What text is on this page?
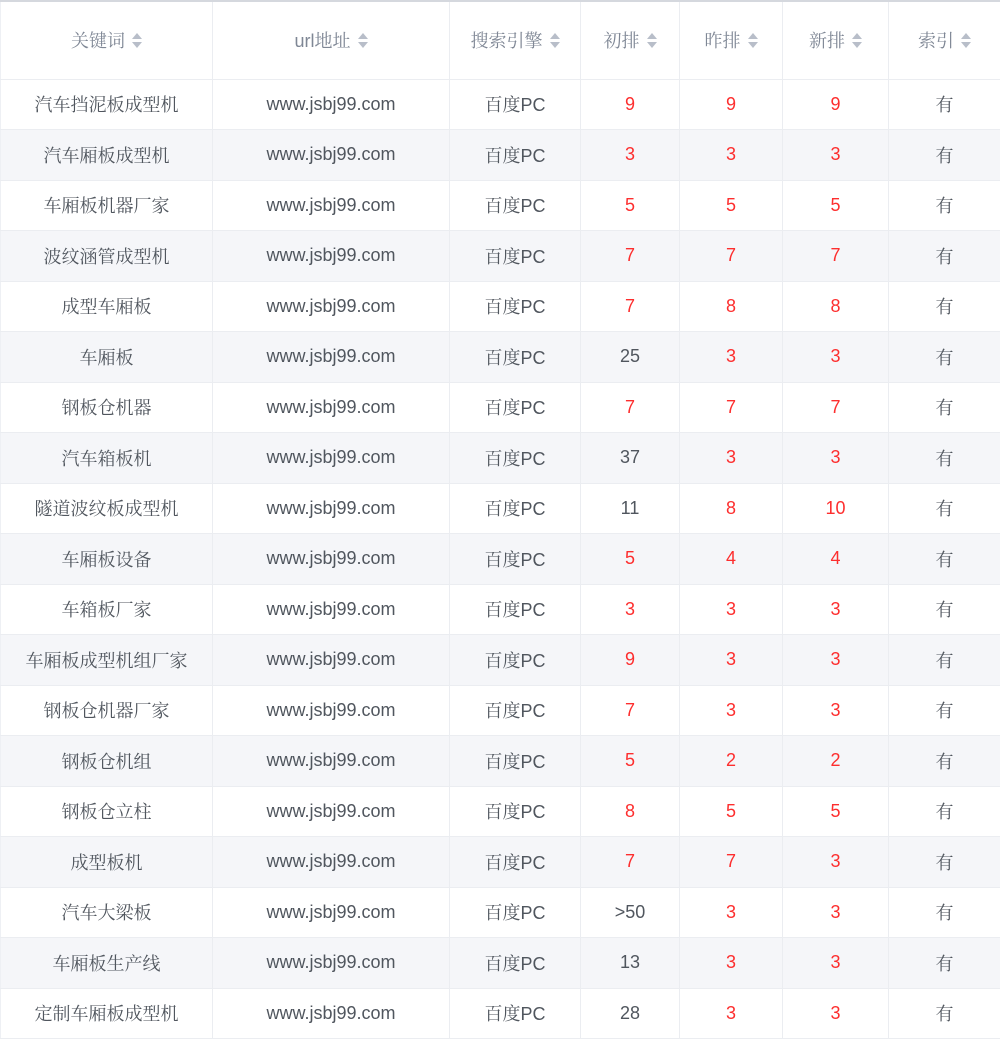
关键词	url地址	搜索引擎	初排	昨排	新排	索引

汽车挡泥板成型机	www.jsbj99.com	百度PC	9	9	9	有
汽车厢板成型机	www.jsbj99.com	百度PC	3	3	3	有
车厢板机器厂家	www.jsbj99.com	百度PC	5	5	5	有
波纹涵管成型机	www.jsbj99.com	百度PC	7	7	7	有
成型车厢板	www.jsbj99.com	百度PC	7	8	8	有
车厢板	www.jsbj99.com	百度PC	25	3	3	有
钢板仓机器	www.jsbj99.com	百度PC	7	7	7	有
汽车箱板机	www.jsbj99.com	百度PC	37	3	3	有
隧道波纹板成型机	www.jsbj99.com	百度PC	11	8	10	有
车厢板设备	www.jsbj99.com	百度PC	5	4	4	有
车箱板厂家	www.jsbj99.com	百度PC	3	3	3	有
车厢板成型机组厂家	www.jsbj99.com	百度PC	9	3	3	有
钢板仓机器厂家	www.jsbj99.com	百度PC	7	3	3	有
钢板仓机组	www.jsbj99.com	百度PC	5	2	2	有
钢板仓立柱	www.jsbj99.com	百度PC	8	5	5	有
成型板机	www.jsbj99.com	百度PC	7	7	3	有
汽车大梁板	www.jsbj99.com	百度PC	>50	3	3	有
车厢板生产线	www.jsbj99.com	百度PC	13	3	3	有
定制车厢板成型机	www.jsbj99.com	百度PC	28	3	3	有
